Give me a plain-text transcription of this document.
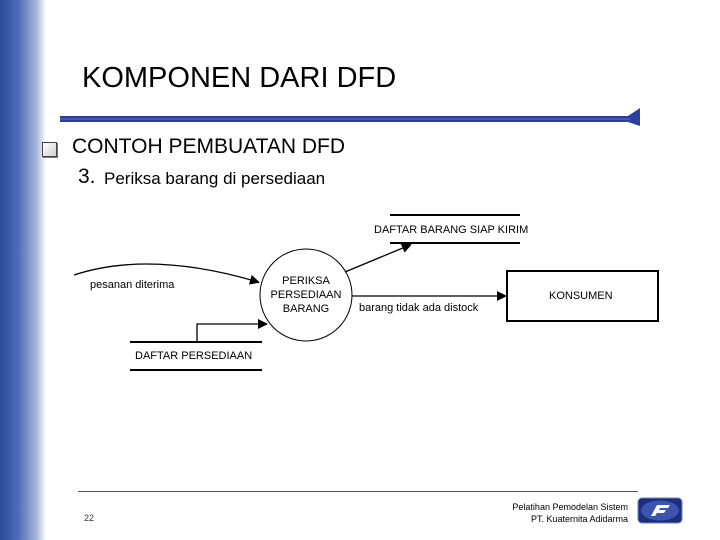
KOMPONEN DARI DFD
CONTOH PEMBUATAN DFD
3. Periksa barang di persediaan
DAFTAR BARANG SIAP KIRIM
pesanan diterima	PERIKSA
PERSEDIAAN
BARANG	barang tidak ada distock
KONSUMEN
DAFTAR PERSEDIAAN
22
Pelatihan Pemodelan Sistem
PT. Kuaternita Adidarma
